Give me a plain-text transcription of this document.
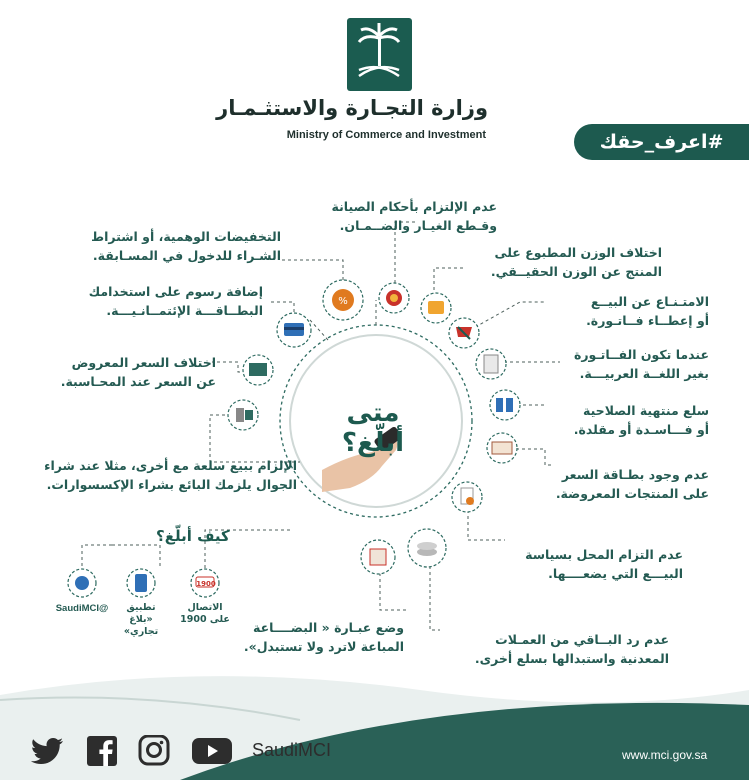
%
وزارة التجـارة والاستثـمـار
Ministry of Commerce and Investment	#اعرف_حقك
متى أبلّغ؟
عدم الإلتزام بأحكام الصيانة
وقـطع الغيـار والضــمـان.
اختلاف الوزن المطبوع على
المنتج عن الوزن الحقيــقي.
الامتـنـاع عن البيــع
أو إعطــاء فــاتـورة.
عندما تكون الفــاتـورة
بغير اللغــة العربيـــة.
سلع منتهية الصلاحية
أو فـــاسـدة أو مقلدة.
عدم وجود بطـاقة السعر
على المنتجات المعروضة.
عدم التزام المحل بسياسة
البيـــع التي يضعــــها.
عدم رد البــاقي من العمـلات
المعدنية واستبدالها بسلع أخرى.
التخفيضات الوهمية، أو اشتراط
الشـراء للدخول في المسـابقة.
إضافة رسوم على استخدامك
البطــاقـــة الإئتمــانـيـــة.
اختلاف السعر المعروض
عن السعر عند المحـاسبة.
الإلزام ببيع سلعة مع أخرى، مثلا عند شراء
الجوال يلزمك البائع بشراء الإكسسوارات.
وضع عبـارة « البضــــاعة
المباعة لاترد ولا تستبدل».
كيف أبلّغ؟
الاتصال
على 1900
1900
تطبيق
«بلاغ تجاري»
@SaudiMCI
SaudiMCI	www.mci.gov.sa
